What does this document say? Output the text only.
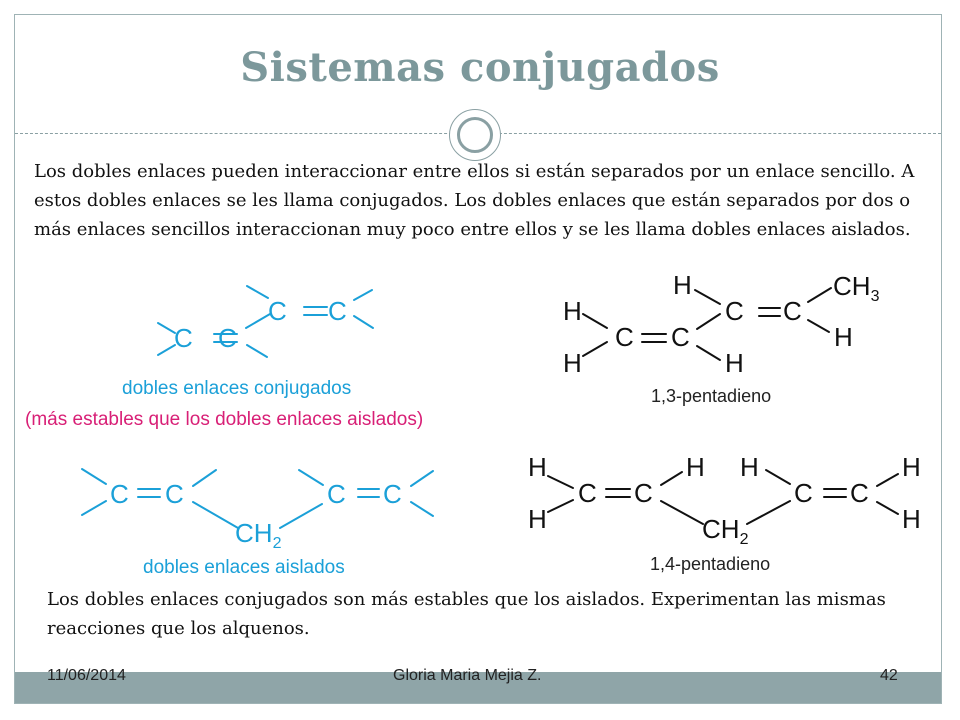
Sistemas conjugados
Los dobles enlaces pueden interaccionar entre ellos si están separados por un enlace sencillo. A estos dobles enlaces se les llama conjugados. Los dobles enlaces que están separados por dos o más enlaces sencillos interaccionan muy poco entre ellos y se les llama dobles enlaces aislados.
C C
C C
dobles enlaces conjugados
(más estables que los dobles enlaces aislados)
H
H
C C
H
C
H
C
$CH_3$
H
1,3-pentadieno
C C	C C
$CH_2$
dobles enlaces aislados
H
H
C C
H H
C C
H
H
$CH_2$
1,4-pentadieno
Los dobles enlaces conjugados son más estables que los aislados. Experimentan las mismas reacciones que los alquenos.
11/06/2014	Gloria Maria Mejia Z.	42
